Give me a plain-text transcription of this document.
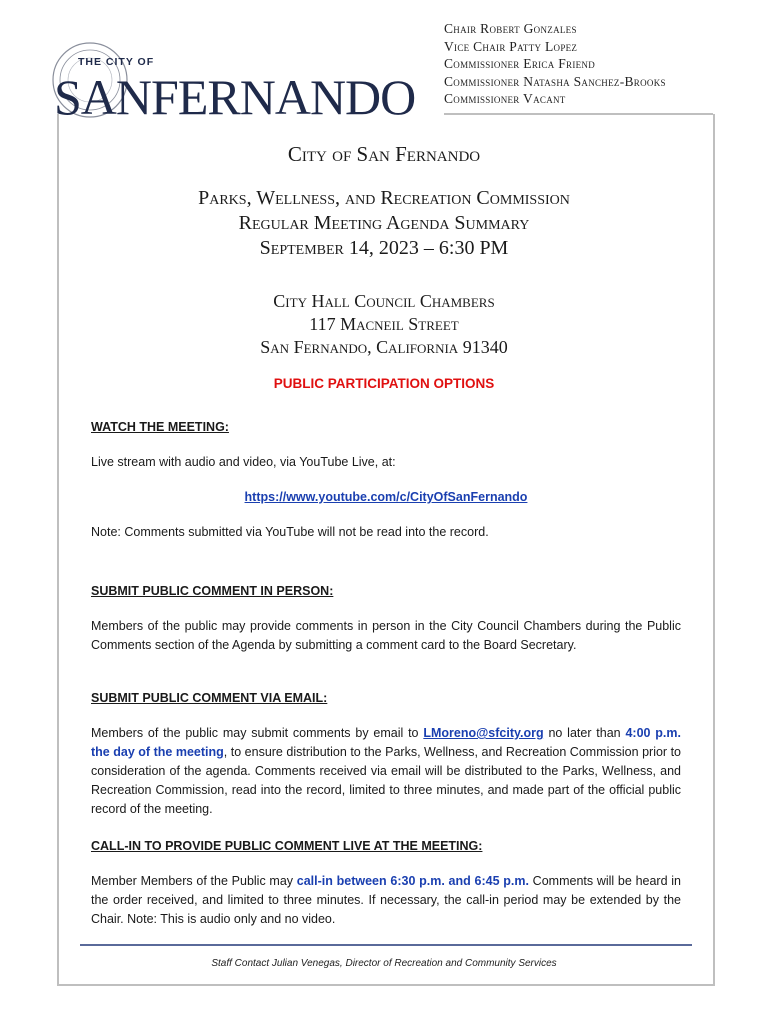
THE CITY OF
SANFERNANDO
Chair Robert Gonzales
Vice Chair Patty Lopez
Commissioner Erica Friend
Commissioner Natasha Sanchez-Brooks
Commissioner Vacant
City of San Fernando
Parks, Wellness, and Recreation Commission
Regular Meeting Agenda Summary
September 14, 2023 – 6:30 PM
City Hall Council Chambers
117 Macneil Street
San Fernando, California 91340
PUBLIC PARTICIPATION OPTIONS
WATCH THE MEETING:
Live stream with audio and video, via YouTube Live, at:
https://www.youtube.com/c/CityOfSanFernando
Note: Comments submitted via YouTube will not be read into the record.
SUBMIT PUBLIC COMMENT IN PERSON:
Members of the public may provide comments in person in the City Council Chambers during the Public Comments section of the Agenda by submitting a comment card to the Board Secretary.
SUBMIT PUBLIC COMMENT VIA EMAIL:
Members of the public may submit comments by email to LMoreno@sfcity.org no later than 4:00 p.m. the day of the meeting, to ensure distribution to the Parks, Wellness, and Recreation Commission prior to consideration of the agenda. Comments received via email will be distributed to the Parks, Wellness, and Recreation Commission, read into the record, limited to three minutes, and made part of the official public record of the meeting.
CALL-IN TO PROVIDE PUBLIC COMMENT LIVE AT THE MEETING:
Member Members of the Public may call-in between 6:30 p.m. and 6:45 p.m. Comments will be heard in the order received, and limited to three minutes. If necessary, the call-in period may be extended by the Chair. Note: This is audio only and no video.
Staff Contact Julian Venegas, Director of Recreation and Community Services
